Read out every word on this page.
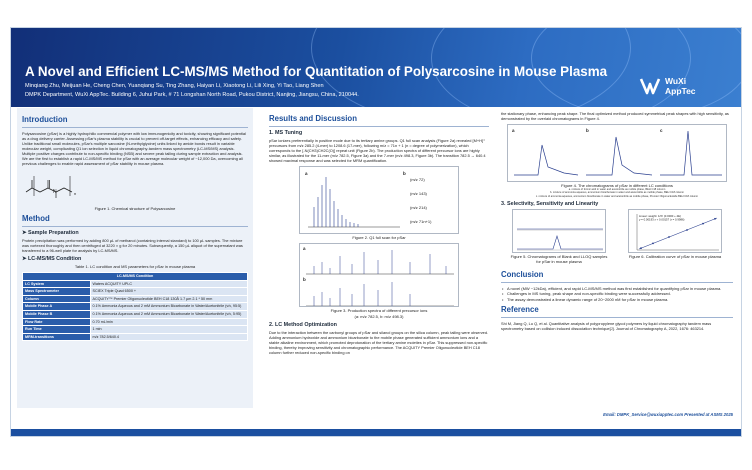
A Novel and Efficient LC-MS/MS Method for Quantitation of Polysarcosine in Mouse Plasma
Minqiang Zhu, Meijuan He, Cheng Chen, Yuanqiang Su, Ting Zhang, Haiyan Li, Xiaotong Li, Lili Xing, Yi Tao, Liang Shen
DMPK Department, WuXi AppTec. Building 6, Juhui Park, # 71 Longshan North Road, Pukou District, Nanjing, Jiangsu, China, 210044.
WuXi
AppTec
Introduction

Polysarcosine (pSar) is a highly hydrophilic commercial polymer with low immunogenicity and toxicity, showing significant potential as a drug delivery carrier. Assessing pSar's plasma stability is crucial to prevent off-target effects, enhancing efficacy and safety. Unlike traditional small molecules, pSar's multiple sarcosine (N-methylglycine) units linked by amide bonds result in variable molecular weight, complicating Q1 ion selection in liquid chromatography-tandem mass spectrometry (LC-MS/MS) analysis. Multiple positive charges contribute to non-specific binding (NSB) and severe peak tailing during sample extraction and analysis. We are the first to establish a rapid LC-MS/MS method for pSar with an average molecular weight of ~12,000 Da, overcoming all previous challenges to enable rapid assessment of pSar stability in mouse plasma.

N	n
Figure 1. Chemical structure of Polysarcosine
Method
➤ Sample Preparation

Protein precipitation was performed by adding 800 µL of methanol (containing internal standard) to 100 µL samples. The mixture was vortexed thoroughly and then centrifuged at 3220 × g for 20 minutes. Subsequently, a 150 µL aliquot of the supernatant was transferred to a 96-well plate for analysis by LC-MS/MS.

➤ LC-MS/MS Condition
Table 1. LC condition and MS parameters for pSar in mouse plasma
LC-MS/MS Condition	
LC System	Waters ACQUITY UPLC
Mass Spectrometer	SCIEX Triple Quad 6500 +
Column	ACQUITY™ Premier Oligonucleotide BEH C18 130Å 1.7 µm 2.1 * 50 mm
Mobile Phase A	0.1% Ammonia Aqueous and 2 mM Ammonium Bicarbonate in Water/Acetonitrile (v/v, 95:5)
Mobile Phase B	0.1% Ammonia Aqueous and 2 mM Ammonium Bicarbonate in Water/Acetonitrile (v/v, 5:95)
Flow Rate	0.70 mL/min
Run Time	1 min
MRM-transitions	m/z 782.5/640.4
Results and Discussion
1. MS Tuning

pSar ionizes preferentially in positive mode due to its tertiary amine groups. Q1 full scan analysis (Figure 2a) revealed [M+H]⁺ precursors from m/z 285.2 (4-mer) to 1208.6 (17-mer), following m/z = 71n + 1 (n = degree of polymerization), which corresponds to the [-N(CH3)CH2C(O)] repeat unit (Figure 2b). The production spectra of different precursor ions are highly similar, as illustrated for the 11-mer (m/z 782.5, Figure 3a) and the 7-mer (m/z 498.3, Figure 3b). The transition 782.5 → 640.4 showed maximal response and was selected for MRM quantification.

(m/z 72)
(m/z 143)
(m/z 214)
(m/z 71n+1)
a	b
Figure 2. Q1 full scan for pSar
a
b
Figure 3. Production spectra of different precursor ions
(a: m/z 782.5, b: m/z 498.3)
2. LC Method Optimization

Due to the interaction between the carbonyl groups of pSar and silanol groups on the silica column, peak tailing were observed. Adding ammonium hydroxide and ammonium bicarbonate to the mobile phase generated sufficient ammonium ions and a stable alkaline environment, which promoted deprotonation of the tertiary amine moieties in pSar. This suppressed non-specific binding, thereby improving sensitivity and chromatographic performance. The ACQUITY Premier Oligonucleotide BEH C18 column further reduced non-specific binding on

the stationary phase, enhancing peak shape. The final optimized method produced symmetrical peak shapes with high sensitivity, as demonstrated by the overlaid chromatograms in Figure 4.

a	b	c
Figure 4. The chromatograms of pSar in different LC conditions
a. mixture of formic acid in water and acetonitrile as mobile phase, BEH C18 column
b. mixture of ammonia aqueous, ammonium bicarbonate in water and acetonitrile as mobile phase, BEH C18 column
c. mixture of ammonia aqueous, ammonium bicarbonate in water and acetonitrile as mobile phase, Premier Oligonucleotide BEH C18 column
3. Selectivity, Sensitivity and Linearity
Figure 5. Chromatograms of Blank and LLOQ samples for pSar in mouse plasma
Linear: weight: 1/X² (0.0000 + 4E)
y = 0.00193 x + 0.00157 (r = 0.9986)
Figure 6. Calibration curve of pSar in mouse plasma
Conclusion
• A novel (MW ~12kDa), efficient, and rapid LC-MS/MS method was first established for quantifying pSar in mouse plasma.
• Challenges in MS tuning, peak shape and non-specific binding were successfully addressed.
• The assay demonstrated a linear dynamic range of 20~2000 nM for pSar in mouse plasma.
Reference

Shi M, Jiang Q, Lu Q, et al. Quantitative analysis of polypropylene glycol polymers by liquid chromatography tandem mass spectrometry based on collision induced dissociation technique[J]. Journal of Chromatography A, 2022, 1676: 463214.

Email: DMPK_Service@wuxiapptec.com Presented at ASMS 2025
